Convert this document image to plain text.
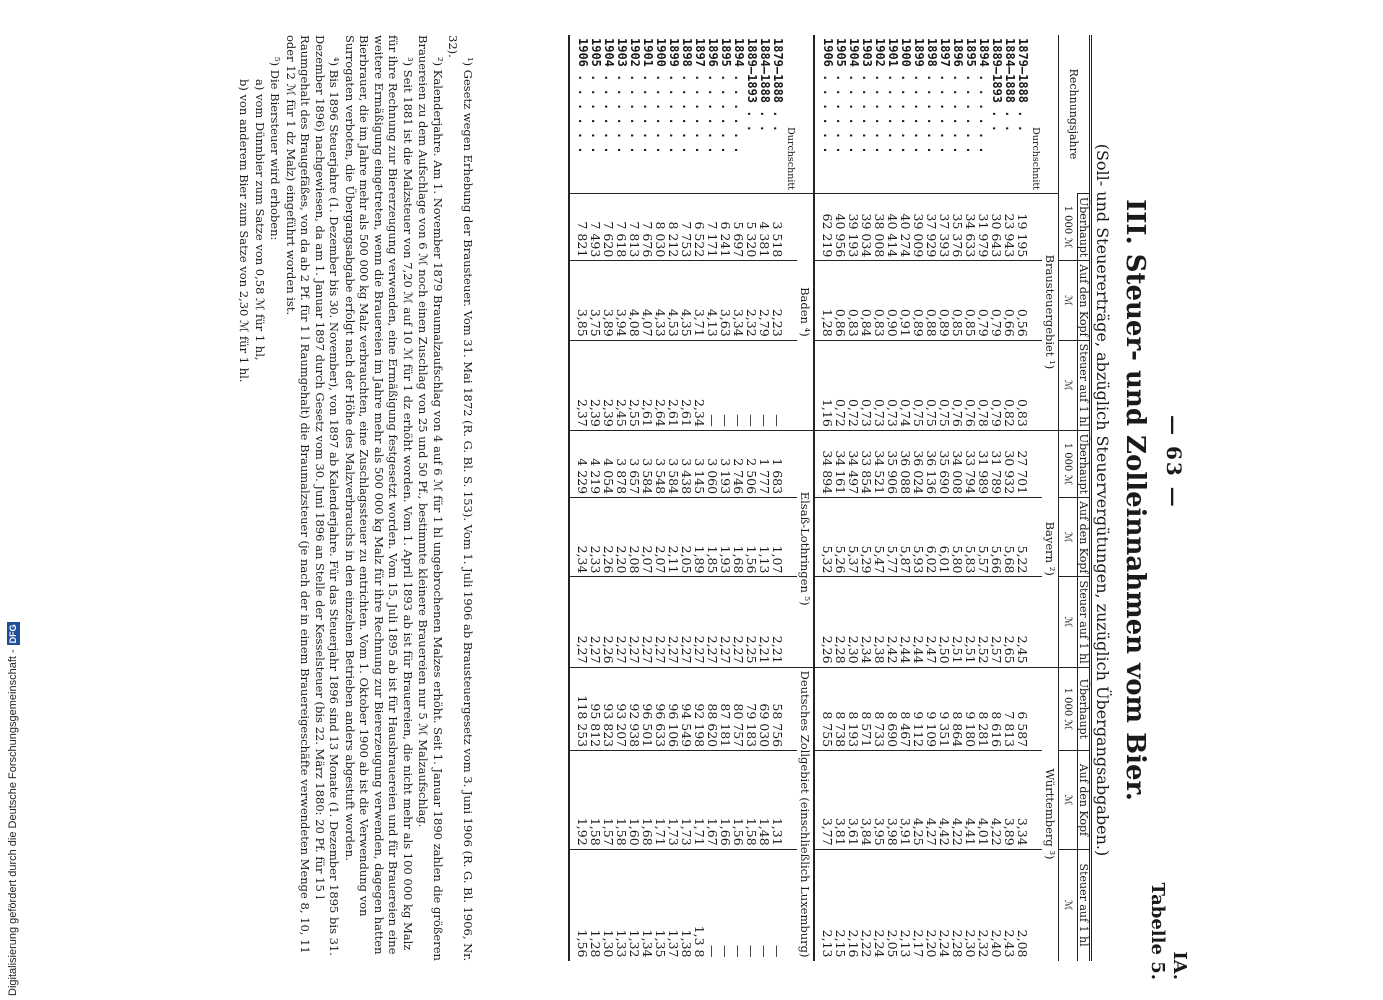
— 63 —
IA.
Tabelle 5.
III. Steuer- und Zolleinnahmen vom Bier.
(Soll- und Steuererträge, abzüglich Steuervergütungen, zuzüglich Übergangsabgaben.)
Rechnungsjahre	Überhaupt	Auf den Kopf	Steuer auf 1 hl	Überhaupt	Auf den Kopf	Steuer auf 1 hl	Überhaupt	Auf den Kopf	Steuer auf 1 hl
	1 000 ℳ	ℳ	ℳ	1 000 ℳ	ℳ	ℳ	1 000 ℳ	ℳ	ℳ
	Brausteuergebiet ¹)			Bayern ²)			Württemberg ³)		
Durchschnitt									
1879–1888 . .	19 195	0,56	0,83	27 701	5,22	2,45	6 587	3,34	2,08
1884–1888 . .	23 943	0,66	0,82	30 932	5,68	2,65	7 813	3,89	2,43
1889–1893 . .	30 643	0,79	0,79	31 789	5,66	2,57	8 616	4,22	2,40
1894 . . . . . .	31 979	0,79	0,78	31 989	5,57	2,52	8 281	4,01	2,32
1895 . . . . . .	34 633	0,85	0,76	33 794	5,83	2,51	9 180	4,41	2,30
1896 . . . . . .	35 376	0,85	0,76	34 008	5,80	2,51	8 864	4,22	2,28
1897 . . . . . .	37 393	0,89	0,75	35 690	6,01	2,50	9 351	4,42	2,24
1898 . . . . . .	37 929	0,88	0,75	36 136	6,02	2,47	9 109	4,27	2,20
1899 . . . . . .	39 009	0,89	0,75	36 024	5,93	2,44	9 112	4,25	2,17
1900 . . . . . .	40 274	0,91	0,74	36 088	5,87	2,44	8 467	3,91	2,13
1901 . . . . . .	40 414	0,90	0,73	35 906	5,77	2,42	8 690	3,98	2,05
1902 . . . . . .	38 008	0,83	0,73	34 521	5,47	2,38	8 733	3,95	2,24
1903 . . . . . .	39 034	0,84	0,73	33 854	5,29	2,34	8 571	3,84	2,22
1904 . . . . . .	39 193	0,83	0,72	34 497	5,37	2,30	8 193	3,61	2,16
1905 . . . . . .	40 956	0,86	0,72	34 161	5,26	2,28	8 738	3,81	2,15
1906 . . . . . .	62 219	1,28	1,16	34 894	5,32	2,26	8 755	3,77	2,13

	Baden ⁴)			Elsaß-Lothringen ⁵)			Deutsches Zollgebiet (einschließlich Luxemburg)		
Durchschnitt									
1879–1888 . .	3 518	2,23	—	1 683	1,07	2,21	58 756	1,31	—
1884–1888 . .	4 381	2,79	—	1 777	1,13	2,21	69 030	1,48	—
1889–1893 . .	5 320	2,32	—	2 506	1,56	2,25	79 183	1,58	—
1894 . . . . . .	5 697	3,34	—	2 746	1,68	2,27	80 757	1,56	—
1895 . . . . . .	6 241	3,63	—	3 193	1,93	2,27	87 181	1,66	—
1896 . . . . . .	7 171	4,13	—	3 060	1,85	2,27	88 620	1,67	—
1897 . . . . . .	6 522	3,71	2,34	3 145	1,89	2,27	92 198	1,71	1,3 8
1898 . . . . . .	7 753	4,35	2,61	3 438	2,05	2,27	94 549	1,73	1,38
1899 . . . . . .	8 212	4,53	2,61	3 584	2,11	2,27	96 106	1,73	1,37
1900 . . . . . .	8 030	4,33	2,64	3 548	2,07	2,27	96 633	1,71	1,35
1901 . . . . . .	7 676	4,07	2,61	3 584	2,07	2,27	96 501	1,68	1,34
1902 . . . . . .	7 813	4,08	2,55	3 657	2,08	2,27	92 938	1,60	1,32
1903 . . . . . .	7 618	3,94	2,45	3 878	2,20	2,27	93 207	1,58	1,33
1904 . . . . . .	7 620	3,89	2,39	4 054	2,26	2,26	93 823	1,57	1,30
1905 . . . . . .	7 493	3,75	2,39	4 219	2,33	2,27	95 812	1,58	1,28
1906 . . . . . .	7 821	3,85	2,37	4 229	2,34	2,27	118 253	1,92	1,56

¹) Gesetz wegen Erhebung der Brausteuer. Vom 31. Mai 1872 (R. G. Bl. S. 153). Vom 1. Juli 1906 ab Brausteuergesetz vom 3. Juni 1906 (R. G. Bl. 1906, Nr. 32).

²) Kalenderjahre. Am 1. November 1879 Braumalzaufschlag von 4 auf 6 ℳ für 1 hl ungebrochenen Malzes erhöht. Seit 1. Januar 1890 zahlen die größeren Brauereien zu dem Aufschlage von 6 ℳ noch einen Zuschlag von 25 und 50 Pf., bestimmte kleinere Brauereien nur 5 ℳ Malzaufschlag.

³) Seit 1881 ist die Malzsteuer von 7,20 ℳ auf 10 ℳ für 1 dz erhöht worden. Vom 1. April 1893 ab ist für Brauereien, die nicht mehr als 100 000 kg Malz für ihre Rechnung zur Biererzeugung verwenden, eine Ermäßigung festgesetzt worden. Vom 15. Juli 1895 ab ist für Hausbrauereien und für Brauereien eine weitere Ermäßigung eingetreten, wenn die Brauereien im Jahre mehr als 500 000 kg Malz für ihre Rechnung zur Biererzeugung verwenden, dagegen hatten Bierbrauer, die im Jahre mehr als 500 000 kg Malz verbrauchten, eine Zuschlagssteuer zu entrichten. Vom 1. Oktober 1900 ab ist die Verwendung von Surrogaten verboten, die Übergangsabgabe erfolgt nach der Höhe des Malzverbrauchs in den einzelnen Betrieben anders abgestuft worden.

⁴) Bis 1896 Steuerjahre (1. Dezember bis 30. November), von 1897 ab Kalenderjahre. Für das Steuerjahr 1896 sind 13 Monate (1. Dezember 1895 bis 31. Dezember 1896) nachgewiesen, da am 1. Januar 1897 durch Gesetz vom 30. Juni 1896 an Stelle der Kesselsteuer (bis 22. März 1880: 20 Pf. für 15 l Raumgehalt des Braugefäßes, von da ab 2 Pf. für 1 l Raumgehalt) die Braumalzsteuer (je nach der in einem Brauereigeschäfte verwendeten Menge 8, 10, 11 oder 12 ℳ für 1 dz Malz) eingeführt worden ist.

⁵) Die Biersteuer wird erhoben:

a) vom Dünnbier zum Satze von 0,58 ℳ für 1 hl,

b) von anderem Bier zum Satze von 2,30 ℳ für 1 hl.

Digitalisierung gefördert durch die Deutsche Forschungsgemeinschaft -DFG
